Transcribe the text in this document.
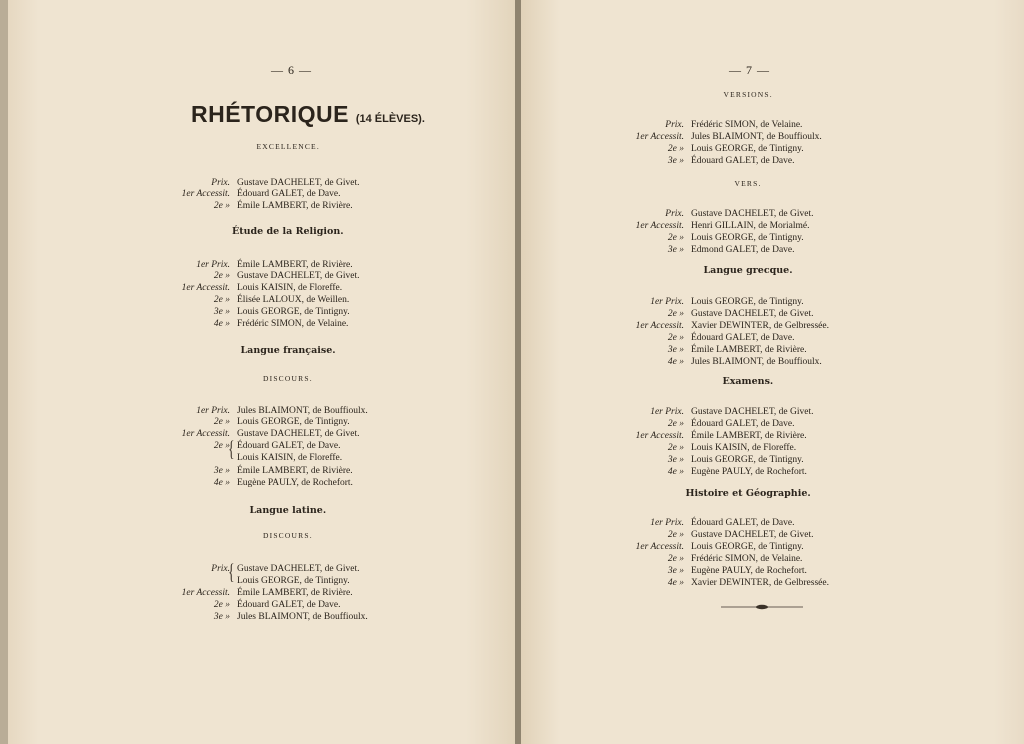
— 6 —	— 7 —
RHÉTORIQUE (14 ÉLÈVES).
EXCELLENCE.
Prix. Gustave DACHELET, de Givet.
1er Accessit. Édouard GALET, de Dave.
2e » Émile LAMBERT, de Rivière.
Étude de la Religion.
1er Prix. Émile LAMBERT, de Rivière.
2e » Gustave DACHELET, de Givet.
1er Accessit. Louis KAISIN, de Floreffe.
2e » Élisée LALOUX, de Weillen.
3e » Louis GEORGE, de Tintigny.
4e » Frédéric SIMON, de Velaine.
Langue française.
DISCOURS.
1er Prix. Jules BLAIMONT, de Bouffioulx.
2e » Louis GEORGE, de Tintigny.
1er Accessit. Gustave DACHELET, de Givet.
2e » Édouard GALET, de Dave.
Louis KAISIN, de Floreffe.
3e » Émile LAMBERT, de Rivière.
4e » Eugène PAULY, de Rochefort.
{
Langue latine.
DISCOURS.
Prix. Gustave DACHELET, de Givet.
Louis GEORGE, de Tintigny.
1er Accessit. Émile LAMBERT, de Rivière.
2e » Édouard GALET, de Dave.
3e » Jules BLAIMONT, de Bouffioulx.
{
VERSIONS.
Prix. Frédéric SIMON, de Velaine.
1er Accessit. Jules BLAIMONT, de Bouffioulx.
2e » Louis GEORGE, de Tintigny.
3e » Édouard GALET, de Dave.
VERS.
Prix. Gustave DACHELET, de Givet.
1er Accessit. Henri GILLAIN, de Morialmé.
2e » Louis GEORGE, de Tintigny.
3e » Edmond GALET, de Dave.
Langue grecque.
1er Prix. Louis GEORGE, de Tintigny.
2e » Gustave DACHELET, de Givet.
1er Accessit. Xavier DEWINTER, de Gelbressée.
2e » Édouard GALET, de Dave.
3e » Émile LAMBERT, de Rivière.
4e » Jules BLAIMONT, de Bouffioulx.
Examens.
1er Prix. Gustave DACHELET, de Givet.
2e » Édouard GALET, de Dave.
1er Accessit. Émile LAMBERT, de Rivière.
2e » Louis KAISIN, de Floreffe.
3e » Louis GEORGE, de Tintigny.
4e » Eugène PAULY, de Rochefort.
Histoire et Géographie.
1er Prix. Édouard GALET, de Dave.
2e » Gustave DACHELET, de Givet.
1er Accessit. Louis GEORGE, de Tintigny.
2e » Frédéric SIMON, de Velaine.
3e » Eugène PAULY, de Rochefort.
4e » Xavier DEWINTER, de Gelbressée.
